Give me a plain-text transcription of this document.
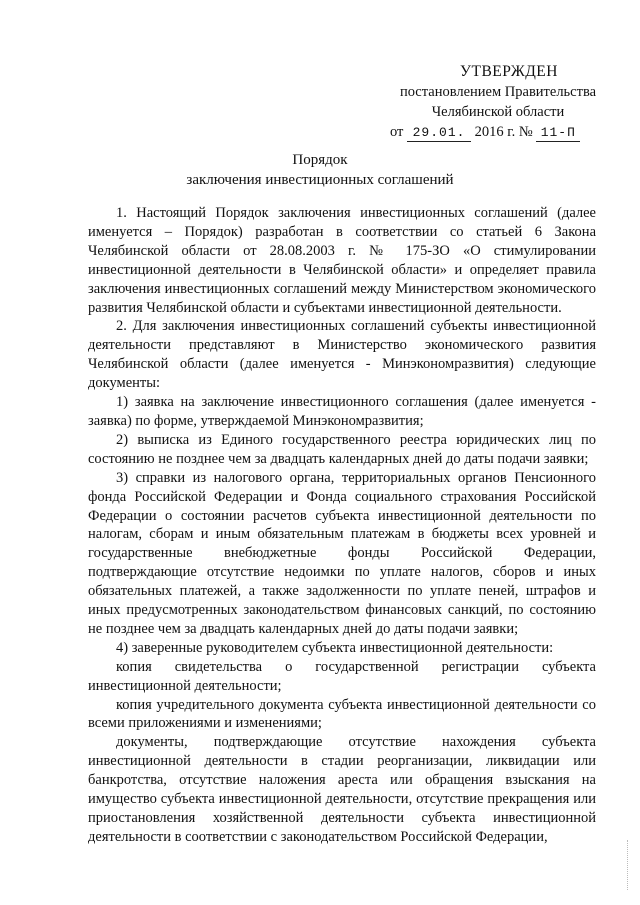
УТВЕРЖДЕН
постановлением Правительства
Челябинской области
от 29.01. 2016 г. № 11-П
Порядок
заключения инвестиционных соглашений

1. Настоящий Порядок заключения инвестиционных соглашений (далее именуется – Порядок) разработан в соответствии со статьей 6 Закона Челябинской области от 28.08.2003 г. № 175-ЗО «О стимулировании инвестиционной деятельности в Челябинской области» и определяет правила заключения инвестиционных соглашений между Министерством экономического развития Челябинской области и субъектами инвестиционной деятельности.

2. Для заключения инвестиционных соглашений субъекты инвестиционной деятельности представляют в Министерство экономического развития Челябинской области (далее именуется - Минэкономразвития) следующие документы:

1) заявка на заключение инвестиционного соглашения (далее именуется - заявка) по форме, утверждаемой Минэкономразвития;

2) выписка из Единого государственного реестра юридических лиц по состоянию не позднее чем за двадцать календарных дней до даты подачи заявки;

3) справки из налогового органа, территориальных органов Пенсионного фонда Российской Федерации и Фонда социального страхования Российской Федерации о состоянии расчетов субъекта инвестиционной деятельности по налогам, сборам и иным обязательным платежам в бюджеты всех уровней и государственные внебюджетные фонды Российской Федерации, подтверждающие отсутствие недоимки по уплате налогов, сборов и иных обязательных платежей, а также задолженности по уплате пеней, штрафов и иных предусмотренных законодательством финансовых санкций, по состоянию не позднее чем за двадцать календарных дней до даты подачи заявки;

4) заверенные руководителем субъекта инвестиционной деятельности:

копия свидетельства о государственной регистрации субъекта инвестиционной деятельности;

копия учредительного документа субъекта инвестиционной деятельности со всеми приложениями и изменениями;

документы, подтверждающие отсутствие нахождения субъекта инвестиционной деятельности в стадии реорганизации, ликвидации или банкротства, отсутствие наложения ареста или обращения взыскания на имущество субъекта инвестиционной деятельности, отсутствие прекращения или приостановления хозяйственной деятельности субъекта инвестиционной деятельности в соответствии с законодательством Российской Федерации,
